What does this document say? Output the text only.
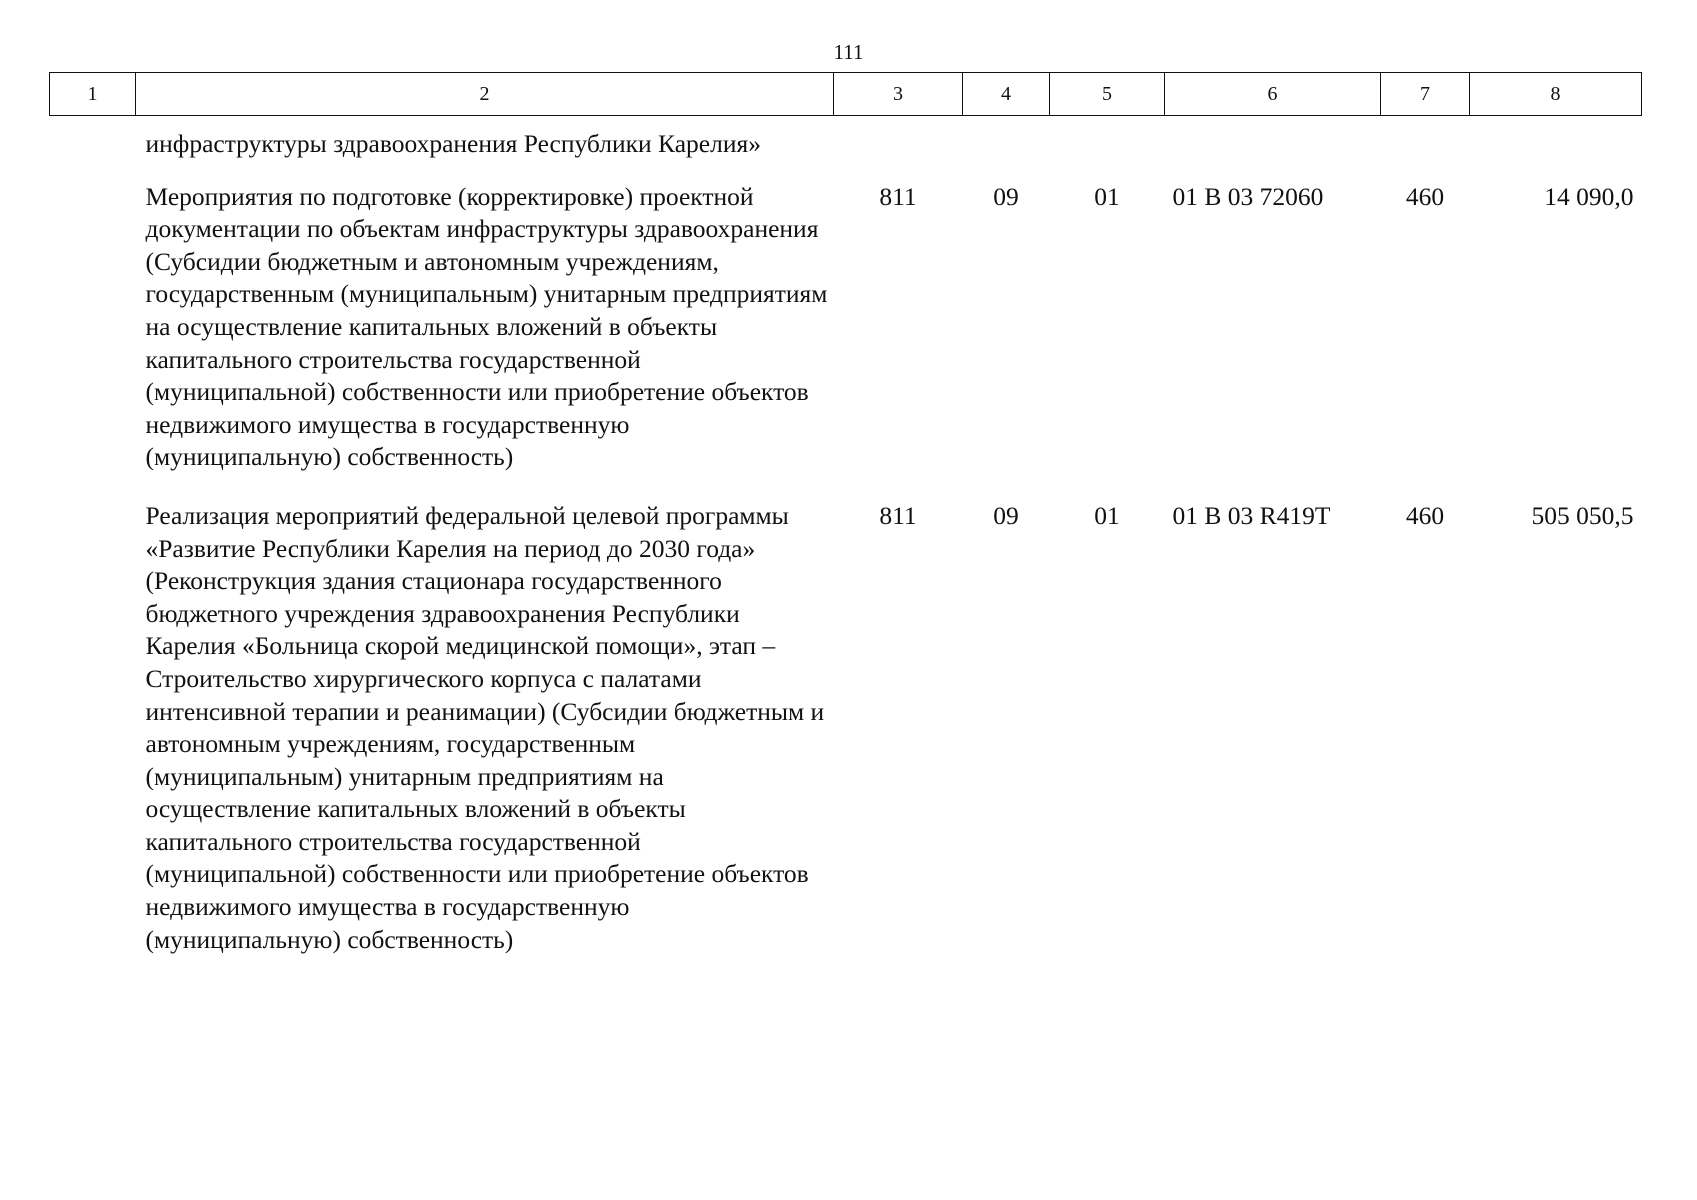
111
1	2	3	4	5	6	7	8
	инфраструктуры здравоохранения Республики Карелия»						
	Мероприятия по подготовке (корректировке) проектной документации по объектам инфраструктуры здравоохранения (Субсидии бюджетным и автономным учреждениям, государственным (муниципальным) унитарным предприятиям на осуществление капитальных вложений в объекты капитального строительства государственной (муниципальной) собственности или приобретение объектов недвижимого имущества в государственную (муниципальную) собственность)	811	09	01	01 В 03 72060	460	14 090,0
	Реализация мероприятий федеральной целевой программы «Развитие Республики Карелия на период до 2030 года» (Реконструкция здания стационара государственного бюджетного учреждения здравоохранения Республики Карелия «Больница скорой медицинской помощи», этап – Строительство хирургического корпуса с палатами интенсивной терапии и реанимации) (Субсидии бюджетным и автономным учреждениям, государственным (муниципальным) унитарным предприятиям на осуществление капитальных вложений в объекты капитального строительства государственной (муниципальной) собственности или приобретение объектов недвижимого имущества в государственную (муниципальную) собственность)	811	09	01	01 В 03 R419Т	460	505 050,5
